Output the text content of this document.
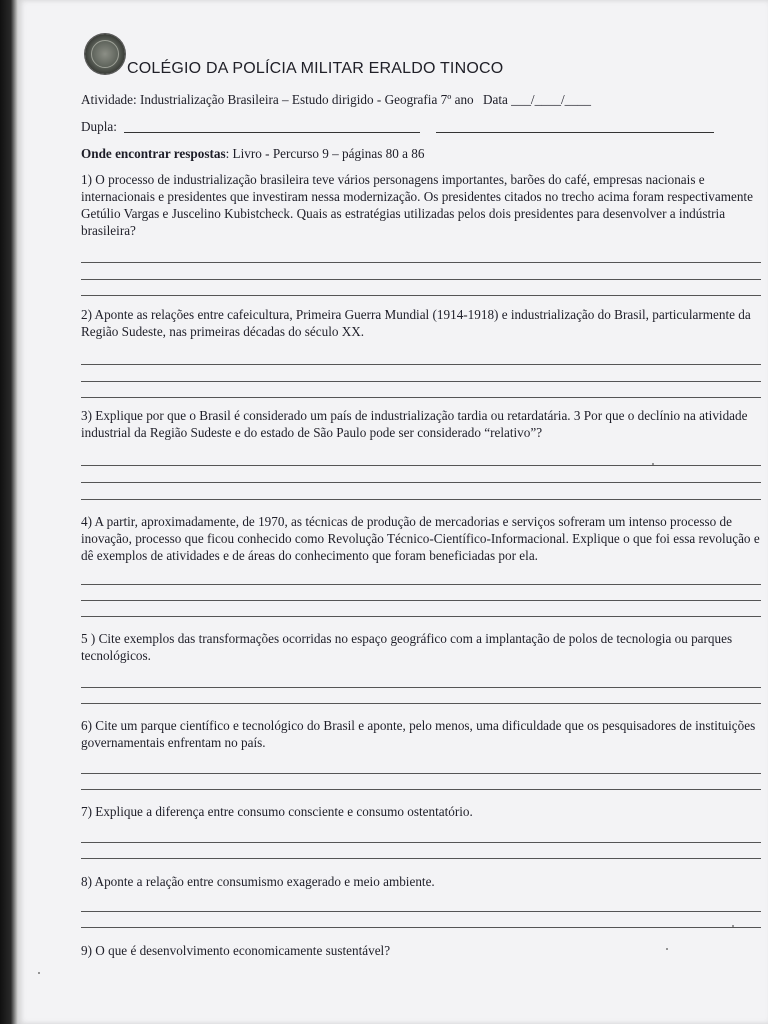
COLÉGIO DA POLÍCIA MILITAR ERALDO TINOCO
Atividade: Industrialização Brasileira – Estudo dirigido - Geografia 7º ano Data ___/____/____
Dupla:
Onde encontrar respostas: Livro - Percurso 9 – páginas 80 a 86
1) O processo de industrialização brasileira teve vários personagens importantes, barões do café, empresas nacionais e internacionais e presidentes que investiram nessa modernização. Os presidentes citados no trecho acima foram respectivamente Getúlio Vargas e Juscelino Kubistcheck. Quais as estratégias utilizadas pelos dois presidentes para desenvolver a indústria brasileira?
2) Aponte as relações entre cafeicultura, Primeira Guerra Mundial (1914-1918) e industrialização do Brasil, particularmente da Região Sudeste, nas primeiras décadas do século XX.
3) Explique por que o Brasil é considerado um país de industrialização tardia ou retardatária. 3 Por que o declínio na atividade industrial da Região Sudeste e do estado de São Paulo pode ser considerado “relativo”?
4) A partir, aproximadamente, de 1970, as técnicas de produção de mercadorias e serviços sofreram um intenso processo de inovação, processo que ficou conhecido como Revolução Técnico-Científico-Informacional. Explique o que foi essa revolução e dê exemplos de atividades e de áreas do conhecimento que foram beneficiadas por ela.
5 ) Cite exemplos das transformações ocorridas no espaço geográfico com a implantação de polos de tecnologia ou parques tecnológicos.
6) Cite um parque científico e tecnológico do Brasil e aponte, pelo menos, uma dificuldade que os pesquisadores de instituições governamentais enfrentam no país.
7) Explique a diferença entre consumo consciente e consumo ostentatório.
8) Aponte a relação entre consumismo exagerado e meio ambiente.
9) O que é desenvolvimento economicamente sustentável?
